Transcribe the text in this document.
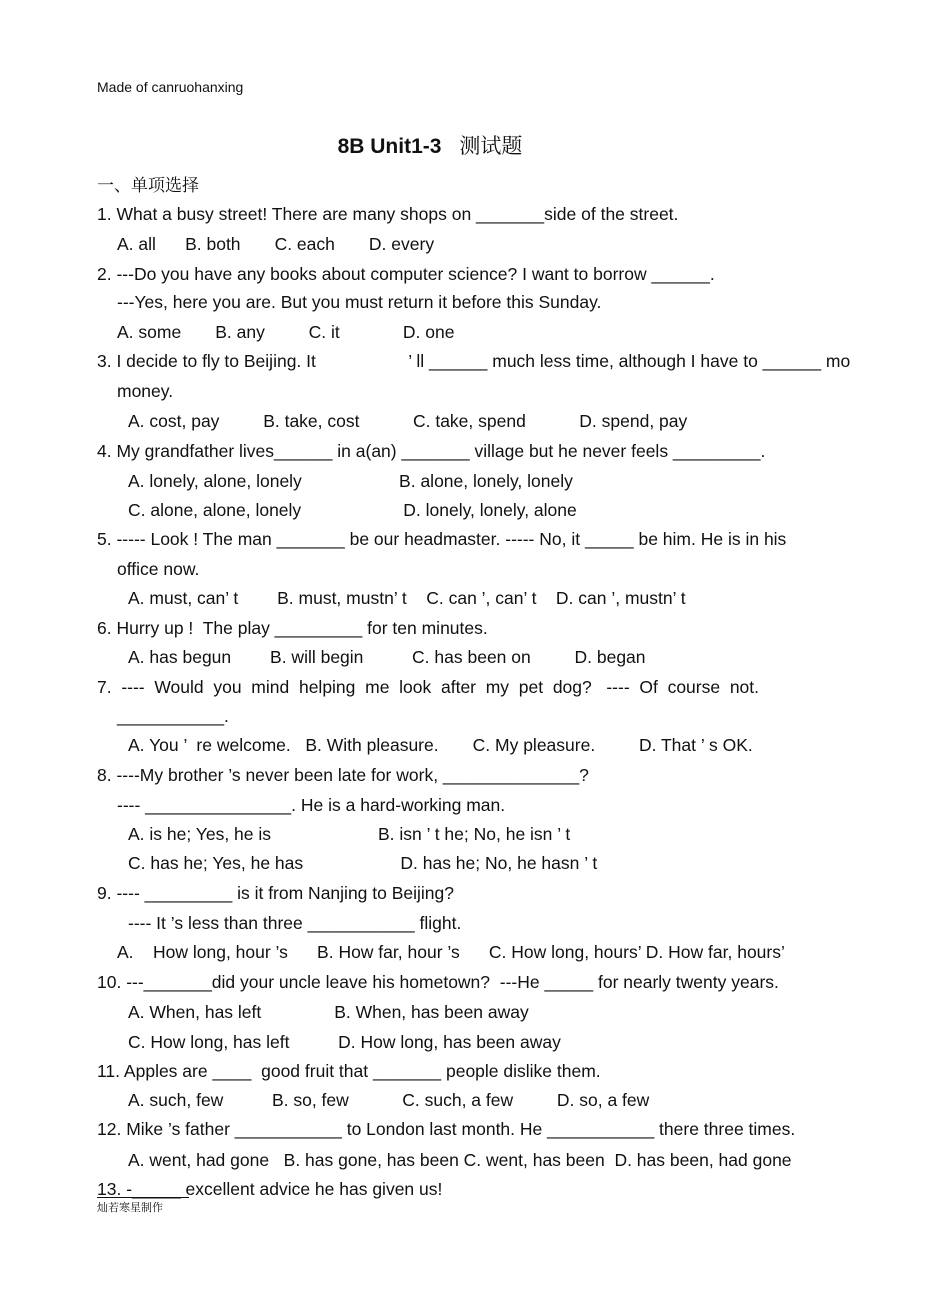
Made of canruohanxing
8B Unit1-3 测试题
一、单项选择
1. What a busy street! There are many shops on _______side of the street.
A. all      B. both       C. each       D. every
2. ---Do you have any books about computer science? I want to borrow ______.
---Yes, here you are. But you must return it before this Sunday.
A. some       B. any         C. it             D. one
3. I decide to fly to Beijing. It                   ’ ll ______ much less time, although I have to ______ mo
money.
A. cost, pay         B. take, cost           C. take, spend           D. spend, pay
4. My grandfather lives______ in a(an) _______ village but he never feels _________.
A. lonely, alone, lonely                    B. alone, lonely, lonely
C. alone, alone, lonely                     D. lonely, lonely, alone
5. ----- Look ! The man _______ be our headmaster. ----- No, it _____ be him. He is in his
office now.
A. must, can’ t        B. must, mustn’ t    C. can ’, can’ t    D. can ’, mustn’ t
6. Hurry up !  The play _________ for ten minutes.
A. has begun        B. will begin          C. has been on         D. began
7.  ----  Would  you  mind  helping  me  look  after  my  pet  dog?   ----  Of  course  not.
___________.
A. You ’  re welcome.   B. With pleasure.       C. My pleasure.         D. That ’ s OK.
8. ----My brother ’s never been late for work, ______________?
---- _______________. He is a hard-working man.
A. is he; Yes, he is                      B. isn ’ t he; No, he isn ’ t
C. has he; Yes, he has                    D. has he; No, he hasn ’ t
9. ---- _________ is it from Nanjing to Beijing?
---- It ’s less than three ___________ flight.
A.    How long, hour ’s      B. How far, hour ’s      C. How long, hours’ D. How far, hours’
10. ---_______did your uncle leave his hometown?  ---He _____ for nearly twenty years.
A. When, has left               B. When, has been away
C. How long, has left          D. How long, has been away
11. Apples are ____  good fruit that _______ people dislike them.
A. such, few          B. so, few           C. such, a few         D. so, a few
12. Mike ’s father ___________ to London last month. He ___________ there three times.
A. went, had gone   B. has gone, has been C. went, has been  D. has been, had gone
13. -_____ excellent advice he has given us!
灿若寒星制作
